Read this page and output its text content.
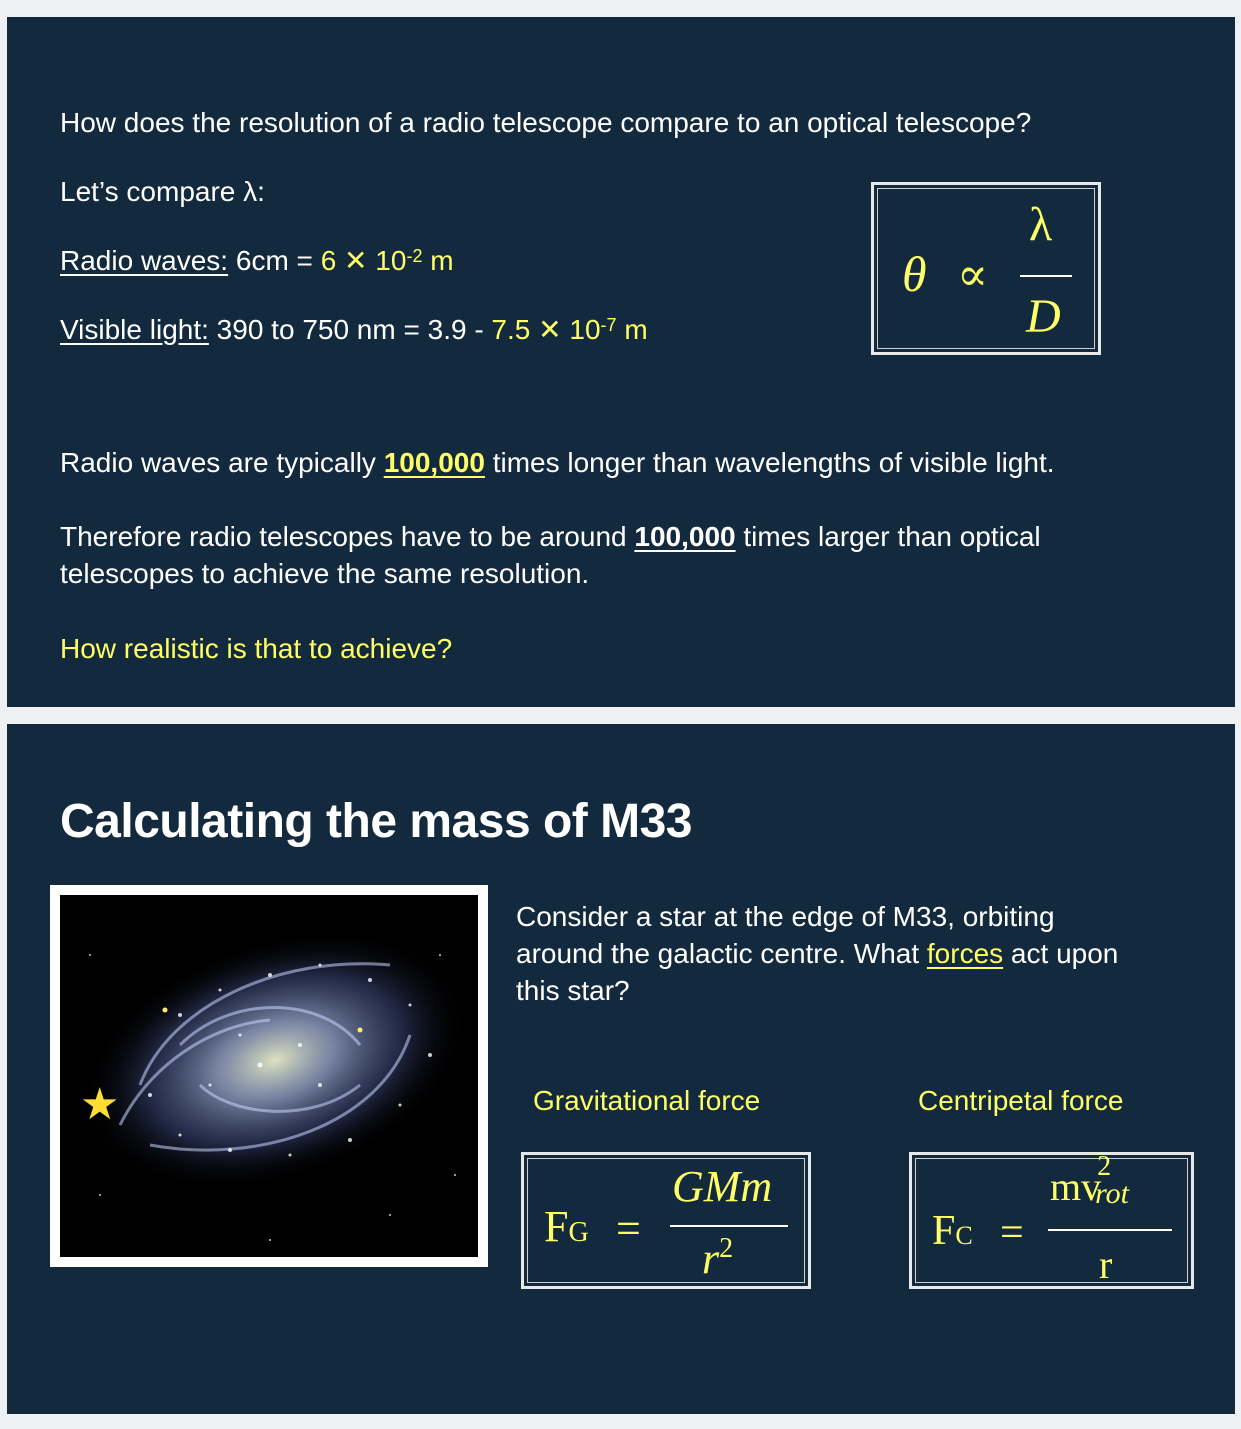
How does the resolution of a radio telescope compare to an optical telescope?
Let’s compare λ:
Radio waves: 6cm = 6 ✕ $10^{-2}$ m
Visible light: 390 to 750 nm = 3.9 - 7.5 ✕ $10^{-7}$ m
θ ∝
λ
D
Radio waves are typically 100,000 times longer than wavelengths of visible light.
Therefore radio telescopes have to be around 100,000 times larger than optical
telescopes to achieve the same resolution.
How realistic is that to achieve?
Calculating the mass of M33
★
Consider a star at the edge of M33, orbiting
around the galactic centre. What forces act upon
this star?
Gravitational force	Centripetal force
FG =
GMm
$r^2$	FC =
mv
2
rot
r
